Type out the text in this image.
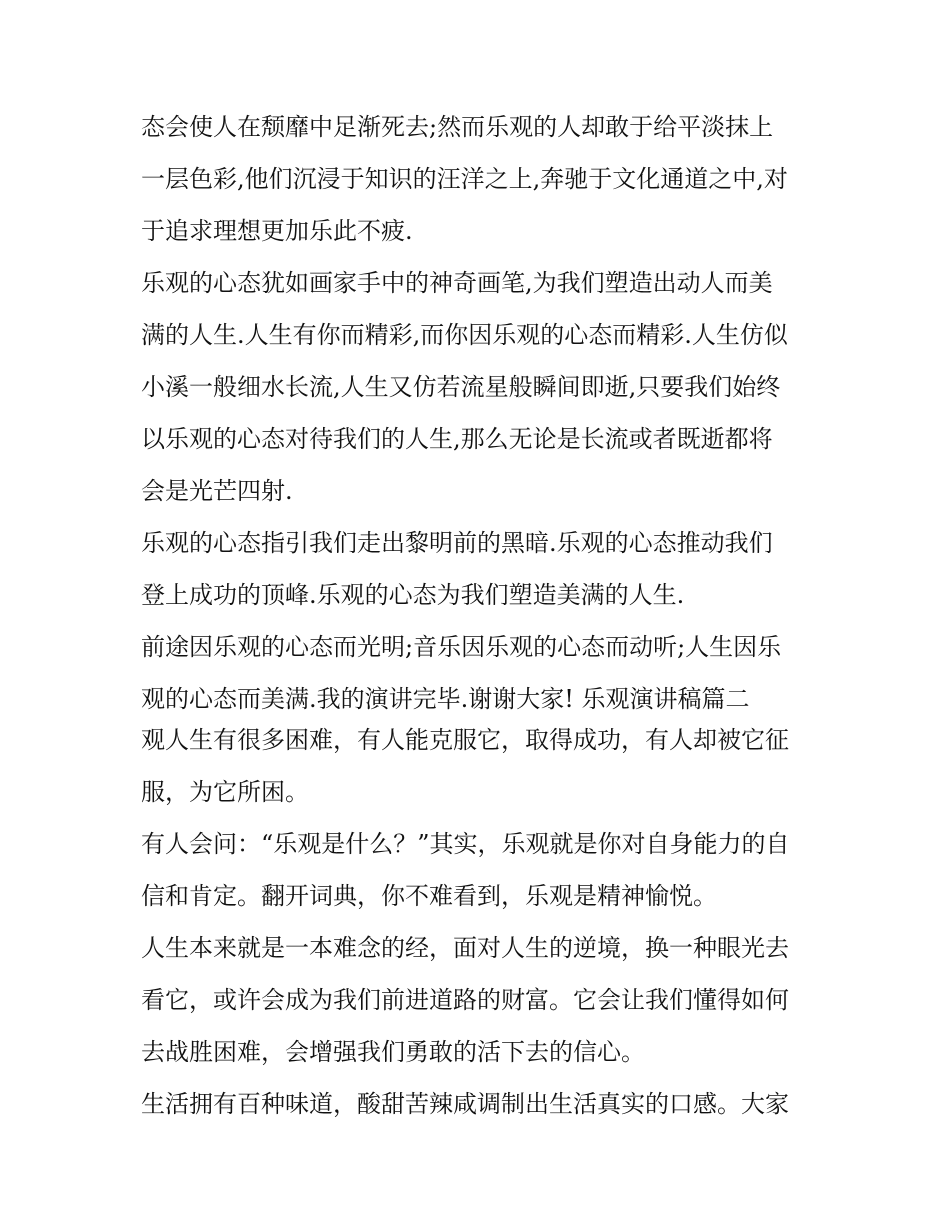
态会使人在颓靡中足渐死去;然而乐观的人却敢于给平淡抹上
一层色彩,他们沉浸于知识的汪洋之上,奔驰于文化通道之中,对
于追求理想更加乐此不疲.
乐观的心态犹如画家手中的神奇画笔,为我们塑造出动人而美
满的人生.人生有你而精彩,而你因乐观的心态而精彩.人生仿似
小溪一般细水长流,人生又仿若流星般瞬间即逝,只要我们始终
以乐观的心态对待我们的人生,那么无论是长流或者既逝都将
会是光芒四射.
乐观的心态指引我们走出黎明前的黑暗.乐观的心态推动我们
登上成功的顶峰.乐观的心态为我们塑造美满的人生.
前途因乐观的心态而光明;音乐因乐观的心态而动听;人生因乐
观的心态而美满.我的演讲完毕.谢谢大家! 乐观演讲稿篇二
观人生有很多困难，有人能克服它，取得成功，有人却被它征
服，为它所困。
有人会问：“乐观是什么？”其实，乐观就是你对自身能力的自
信和肯定。翻开词典，你不难看到，乐观是精神愉悦。
人生本来就是一本难念的经，面对人生的逆境，换一种眼光去
看它，或许会成为我们前进道路的财富。它会让我们懂得如何
去战胜困难，会增强我们勇敢的活下去的信心。
生活拥有百种味道，酸甜苦辣咸调制出生活真实的口感。大家
